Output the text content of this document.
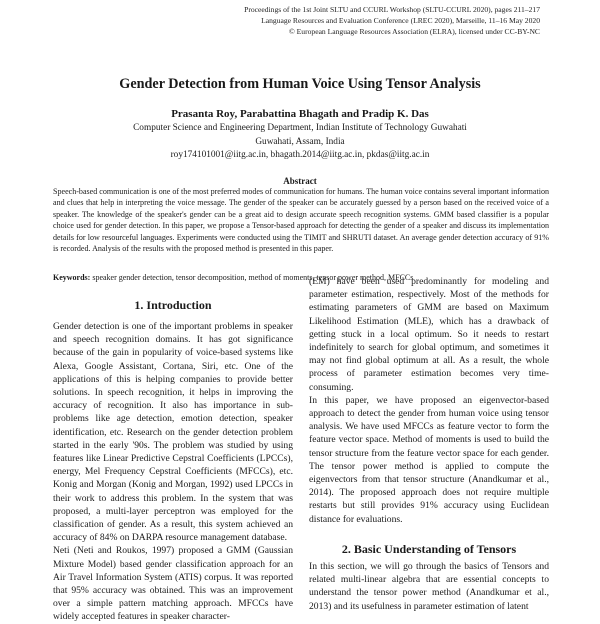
Proceedings of the 1st Joint SLTU and CCURL Workshop (SLTU-CCURL 2020), pages 211–217
Language Resources and Evaluation Conference (LREC 2020), Marseille, 11–16 May 2020
© European Language Resources Association (ELRA), licensed under CC-BY-NC
Gender Detection from Human Voice Using Tensor Analysis
Prasanta Roy, Parabattina Bhagath and Pradip K. Das
Computer Science and Engineering Department, Indian Institute of Technology Guwahati
Guwahati, Assam, India
roy174101001@iitg.ac.in, bhagath.2014@iitg.ac.in, pkdas@iitg.ac.in
Abstract
Speech-based communication is one of the most preferred modes of communication for humans. The human voice contains several important information and clues that help in interpreting the voice message. The gender of the speaker can be accurately guessed by a person based on the received voice of a speaker. The knowledge of the speaker's gender can be a great aid to design accurate speech recognition systems. GMM based classifier is a popular choice used for gender detection. In this paper, we propose a Tensor-based approach for detecting the gender of a speaker and discuss its implementation details for low resourceful languages. Experiments were conducted using the TIMIT and SHRUTI dataset. An average gender detection accuracy of 91% is recorded. Analysis of the results with the proposed method is presented in this paper.
Keywords: speaker gender detection, tensor decomposition, method of moments, tensor power method, MFCCs
1. Introduction

Gender detection is one of the important problems in speaker and speech recognition domains. It has got significance because of the gain in popularity of voice-based systems like Alexa, Google Assistant, Cortana, Siri, etc. One of the applications of this is helping companies to provide better solutions. In speech recognition, it helps in improving the accuracy of recognition. It also has importance in sub-problems like age detection, emotion detection, speaker identification, etc. Research on the gender detection problem started in the early '90s. The problem was studied by using features like Linear Predictive Cepstral Coefficients (LPCCs), energy, Mel Frequency Cepstral Coefficients (MFCCs), etc. Konig and Morgan (Konig and Morgan, 1992) used LPCCs in their work to address this problem. In the system that was proposed, a multi-layer perceptron was employed for the classification of gender. As a result, this system achieved an accuracy of 84% on DARPA resource management database.

Neti (Neti and Roukos, 1997) proposed a GMM (Gaussian Mixture Model) based gender classification approach for an Air Travel Information System (ATIS) corpus. It was reported that 95% accuracy was obtained. This was an improvement over a simple pattern matching approach. MFCCs have widely accepted features in speaker character-

(EM) have been used predominantly for modeling and parameter estimation, respectively. Most of the methods for estimating parameters of GMM are based on Maximum Likelihood Estimation (MLE), which has a drawback of getting stuck in a local optimum. So it needs to restart indefinitely to search for global optimum, and sometimes it may not find global optimum at all. As a result, the whole process of parameter estimation becomes very time-consuming.

In this paper, we have proposed an eigenvector-based approach to detect the gender from human voice using tensor analysis. We have used MFCCs as feature vector to form the feature vector space. Method of moments is used to build the tensor structure from the feature vector space for each gender. The tensor power method is applied to compute the eigenvectors from that tensor structure (Anandkumar et al., 2014). The proposed approach does not require multiple restarts but still provides 91% accuracy using Euclidean distance for evaluations.

2. Basic Understanding of Tensors

In this section, we will go through the basics of Tensors and related multi-linear algebra that are essential concepts to understand the tensor power method (Anandkumar et al., 2013) and its usefulness in parameter estimation of latent
